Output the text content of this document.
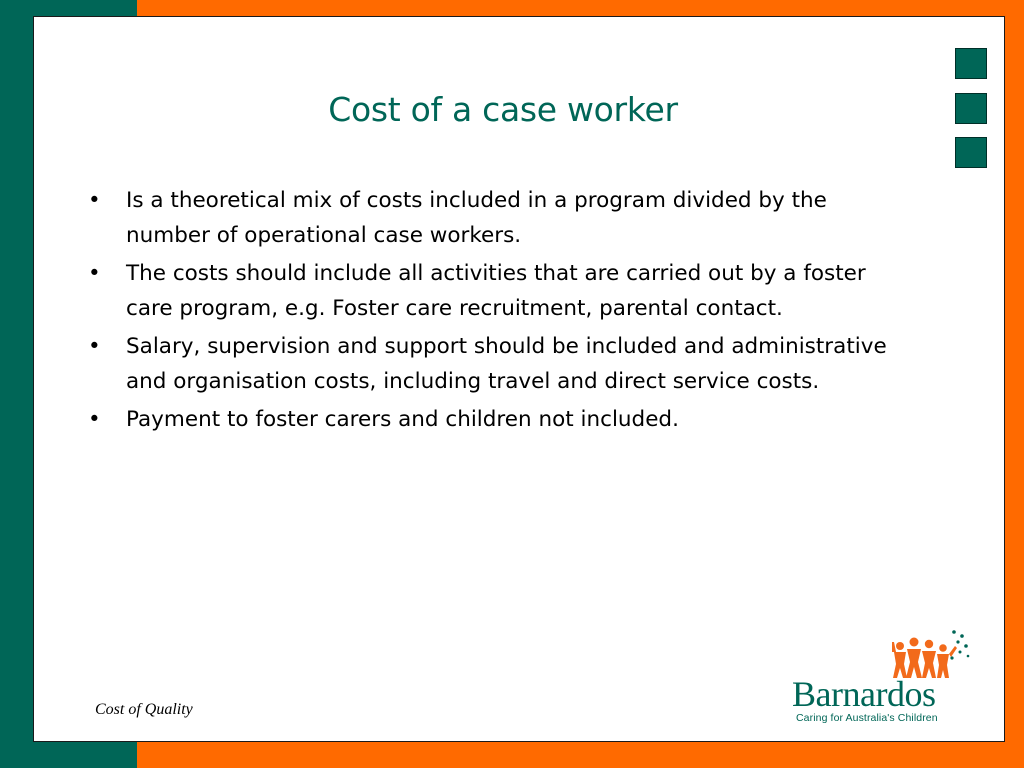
Cost of a case worker
• Is a theoretical mix of costs included in a program divided by the number of operational case workers.
• The costs should include all activities that are carried out by a foster care program, e.g. Foster care recruitment, parental contact.
• Salary, supervision and support should be included and administrative and organisation costs, including travel and direct service costs.
• Payment to foster carers and children not included.
Cost of Quality	Barnardos
Caring for Australia's Children
